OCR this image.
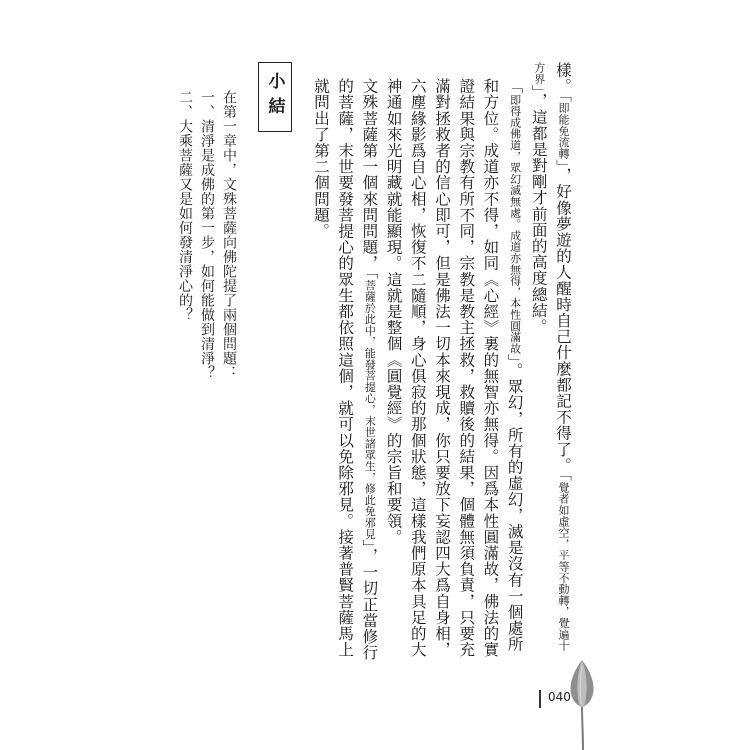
樣。「即能免流轉」，好像夢遊的人醒時自己什麼都記不得了。「覺者如虛空，平等不動轉，覺遍十方界」，這都是對剛才前面的高度總結。

「即得成佛道，眾幻滅無處。成道亦無得，本性圓滿故」。眾幻，所有的虛幻，滅是沒有一個處所和方位。成道亦不得，如同《心經》裏的無智亦無得。因爲本性圓滿故，佛法的實證結果與宗教有所不同，宗教是教主拯救，救贖後的結果，個體無須負責，只要充滿對拯救者的信心即可，但是佛法一切本來現成，你只要放下妄認四大爲自身相，六塵緣影爲自心相，恢復不二隨順，身心俱寂的那個狀態，這樣我們原本具足的大神通如來光明藏就能顯現。這就是整個《圓覺經》的宗旨和要領。

文殊菩薩第一個來問問題，「菩薩於此中，能發菩提心，末世諸眾生，修此免邪見」，一切正當修行的菩薩，末世要發菩提心的眾生都依照這個，就可以免除邪見。接著普賢菩薩馬上就問出了第二個問題。

小結

在第一章中，文殊菩薩向佛陀提了兩個問題：

一、清淨是成佛的第一步，如何能做到清淨？

二、大乘菩薩又是如何發清淨心的？

040
